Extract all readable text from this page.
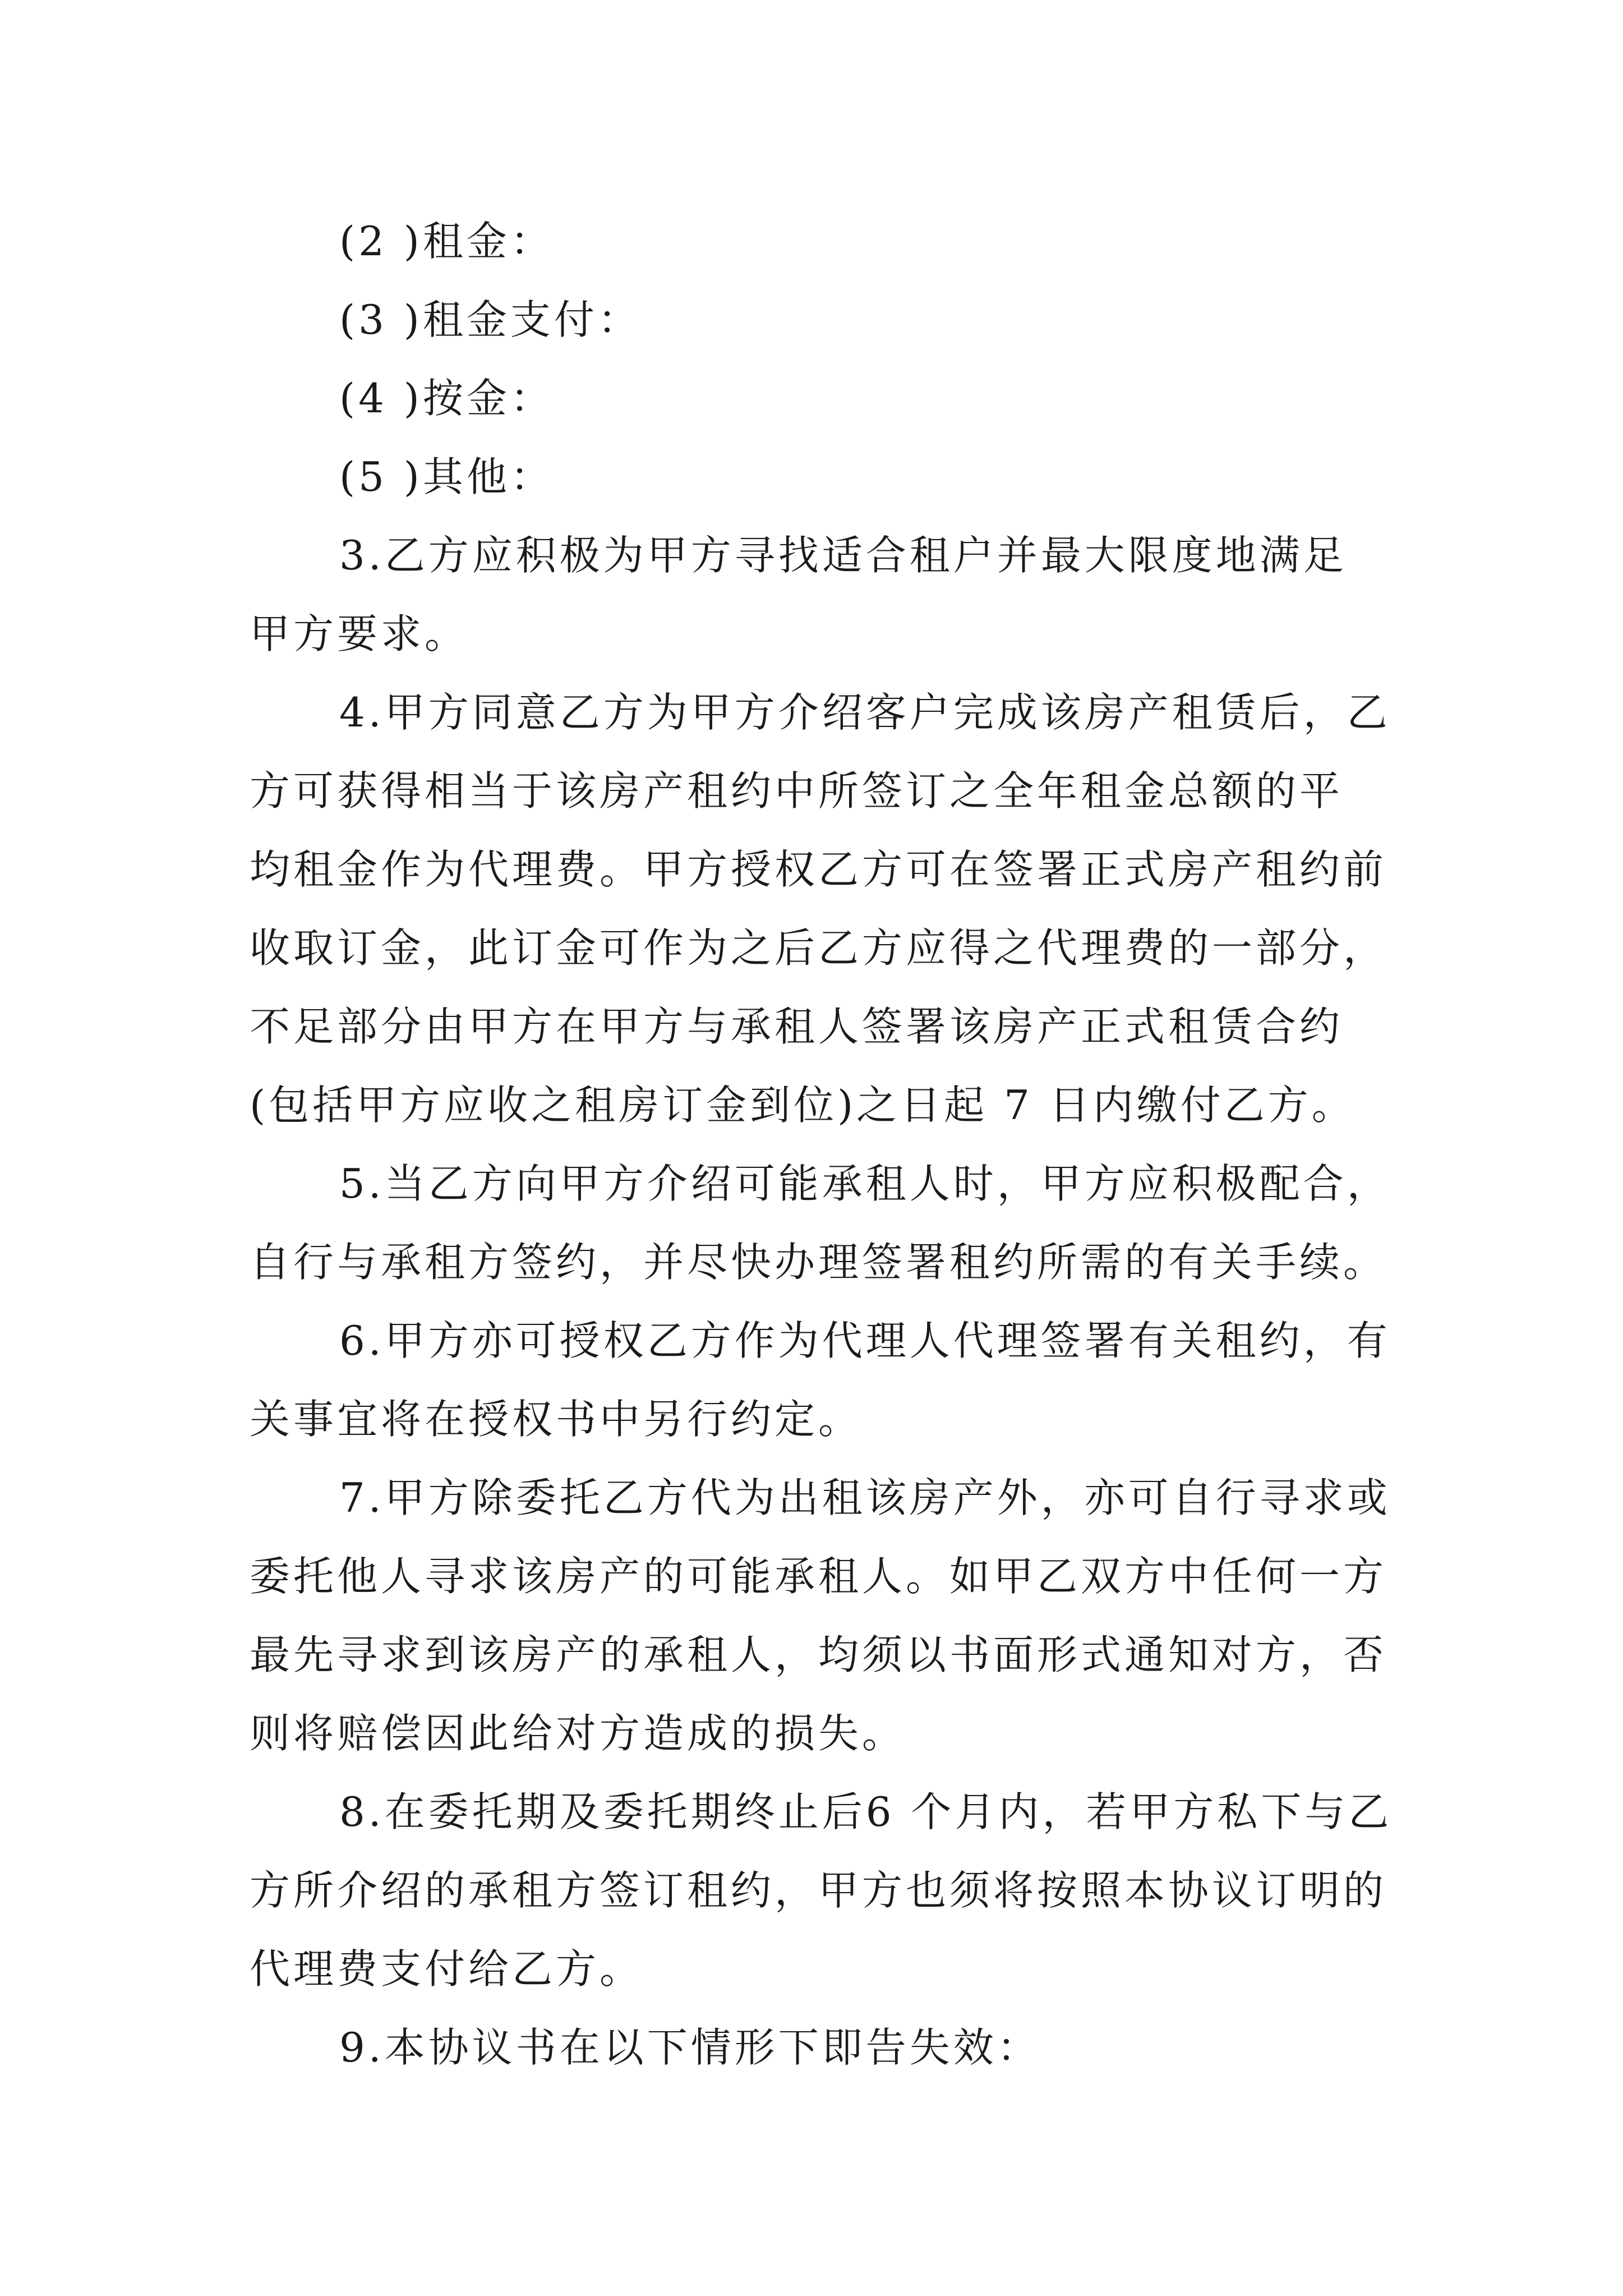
(2 )租金：
(3 )租金支付：
(4 )按金：
(5 )其他：
3.乙方应积极为甲方寻找适合租户并最大限度地满足
甲方要求。
4.甲方同意乙方为甲方介绍客户完成该房产租赁后，乙
方可获得相当于该房产租约中所签订之全年租金总额的平
均租金作为代理费。甲方授权乙方可在签署正式房产租约前
收取订金，此订金可作为之后乙方应得之代理费的一部分，
不足部分由甲方在甲方与承租人签署该房产正式租赁合约
(包括甲方应收之租房订金到位)之日起 7 日内缴付乙方。
5.当乙方向甲方介绍可能承租人时，甲方应积极配合，
自行与承租方签约，并尽快办理签署租约所需的有关手续。
6.甲方亦可授权乙方作为代理人代理签署有关租约，有
关事宜将在授权书中另行约定。
7.甲方除委托乙方代为出租该房产外，亦可自行寻求或
委托他人寻求该房产的可能承租人。如甲乙双方中任何一方
最先寻求到该房产的承租人，均须以书面形式通知对方，否
则将赔偿因此给对方造成的损失。
8.在委托期及委托期终止后6 个月内，若甲方私下与乙
方所介绍的承租方签订租约，甲方也须将按照本协议订明的
代理费支付给乙方。
9.本协议书在以下情形下即告失效：
